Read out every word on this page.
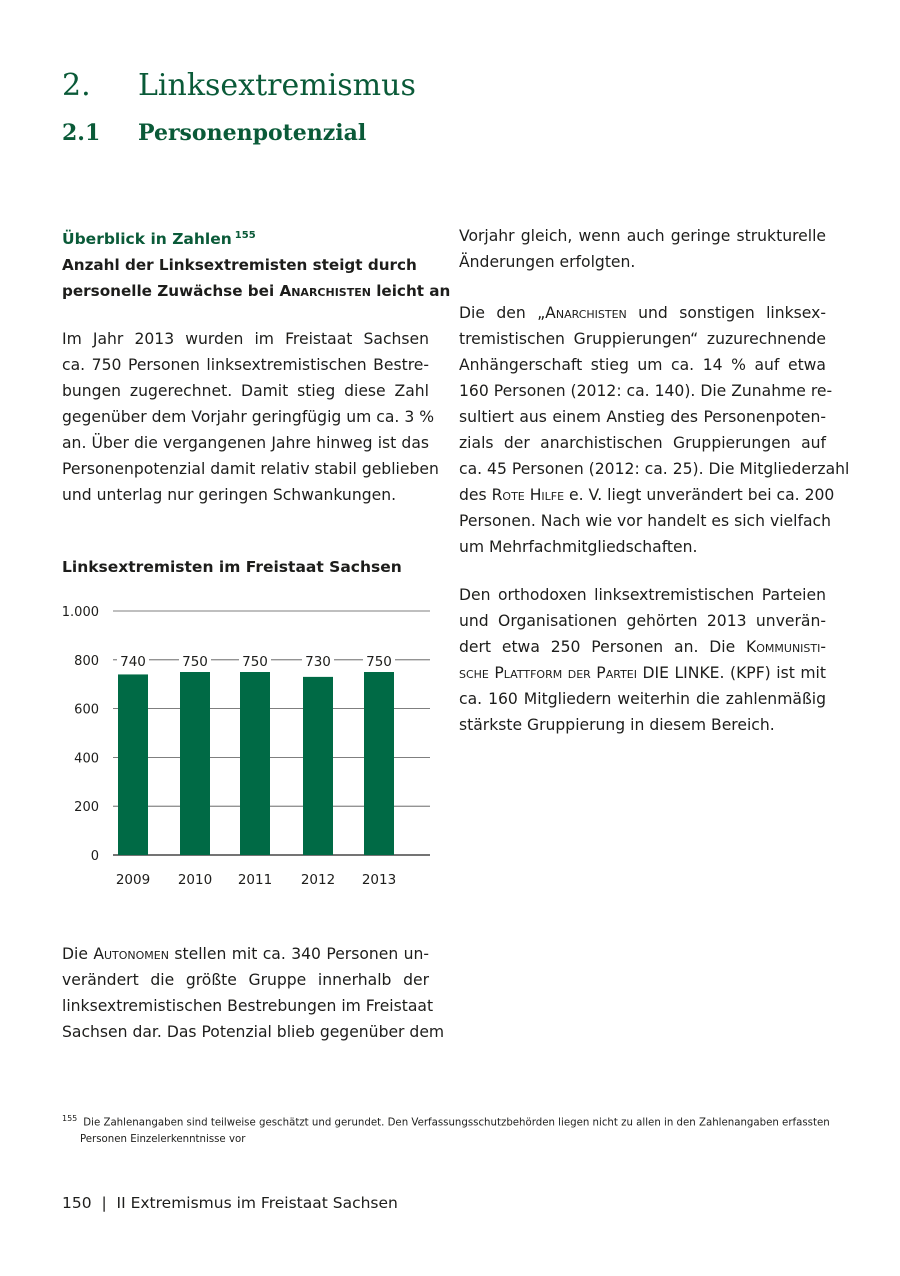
2. Linksextremismus
2.1 Personenpotenzial
Überblick in Zahlen $^{155}$
Anzahl der Linksextremisten steigt durch
personelle Zuwächse bei Anarchisten leicht an
Im Jahr 2013 wurden im Freistaat Sachsen
ca. 750 Personen linksextremistischen Bestre-
bungen zugerechnet. Damit stieg diese Zahl
gegenüber dem Vorjahr geringfügig um ca. 3 %
an. Über die vergangenen Jahre hinweg ist das
Personenpotenzial damit relativ stabil geblieben
und unterlag nur geringen Schwankungen.
Linksextremisten im Freistaat Sachsen
0
200
400
600
800
1.000
740
2009
750
2010
750
2011
730
2012
750
2013
Die Autonomen stellen mit ca. 340 Personen un-
verändert die größte Gruppe innerhalb der
linksextremistischen Bestrebungen im Freistaat
Sachsen dar. Das Potenzial blieb gegenüber dem
Vorjahr gleich, wenn auch geringe strukturelle
Änderungen erfolgten.
Die den „Anarchisten und sonstigen linksex-
tremistischen Gruppierungen“ zuzurechnende
Anhängerschaft stieg um ca. 14 % auf etwa
160 Personen (2012: ca. 140). Die Zunahme re-
sultiert aus einem Anstieg des Personenpoten-
zials der anarchistischen Gruppierungen auf
ca. 45 Personen (2012: ca. 25). Die Mitgliederzahl
des Rote Hilfe e. V. liegt unverändert bei ca. 200
Personen. Nach wie vor handelt es sich vielfach
um Mehrfachmitgliedschaften.
Den orthodoxen linksextremistischen Parteien
und Organisationen gehörten 2013 unverän-
dert etwa 250 Personen an. Die Kommunisti-
sche Plattform der Partei DIE LINKE. (KPF) ist mit
ca. 160 Mitgliedern weiterhin die zahlenmäßig
stärkste Gruppierung in diesem Bereich.
$^{155}$ Die Zahlenangaben sind teilweise geschätzt und gerundet. Den Verfassungsschutzbehörden liegen nicht zu allen in den Zahlenangaben erfassten
Personen Einzelerkenntnisse vor
150  |  II Extremismus im Freistaat Sachsen
